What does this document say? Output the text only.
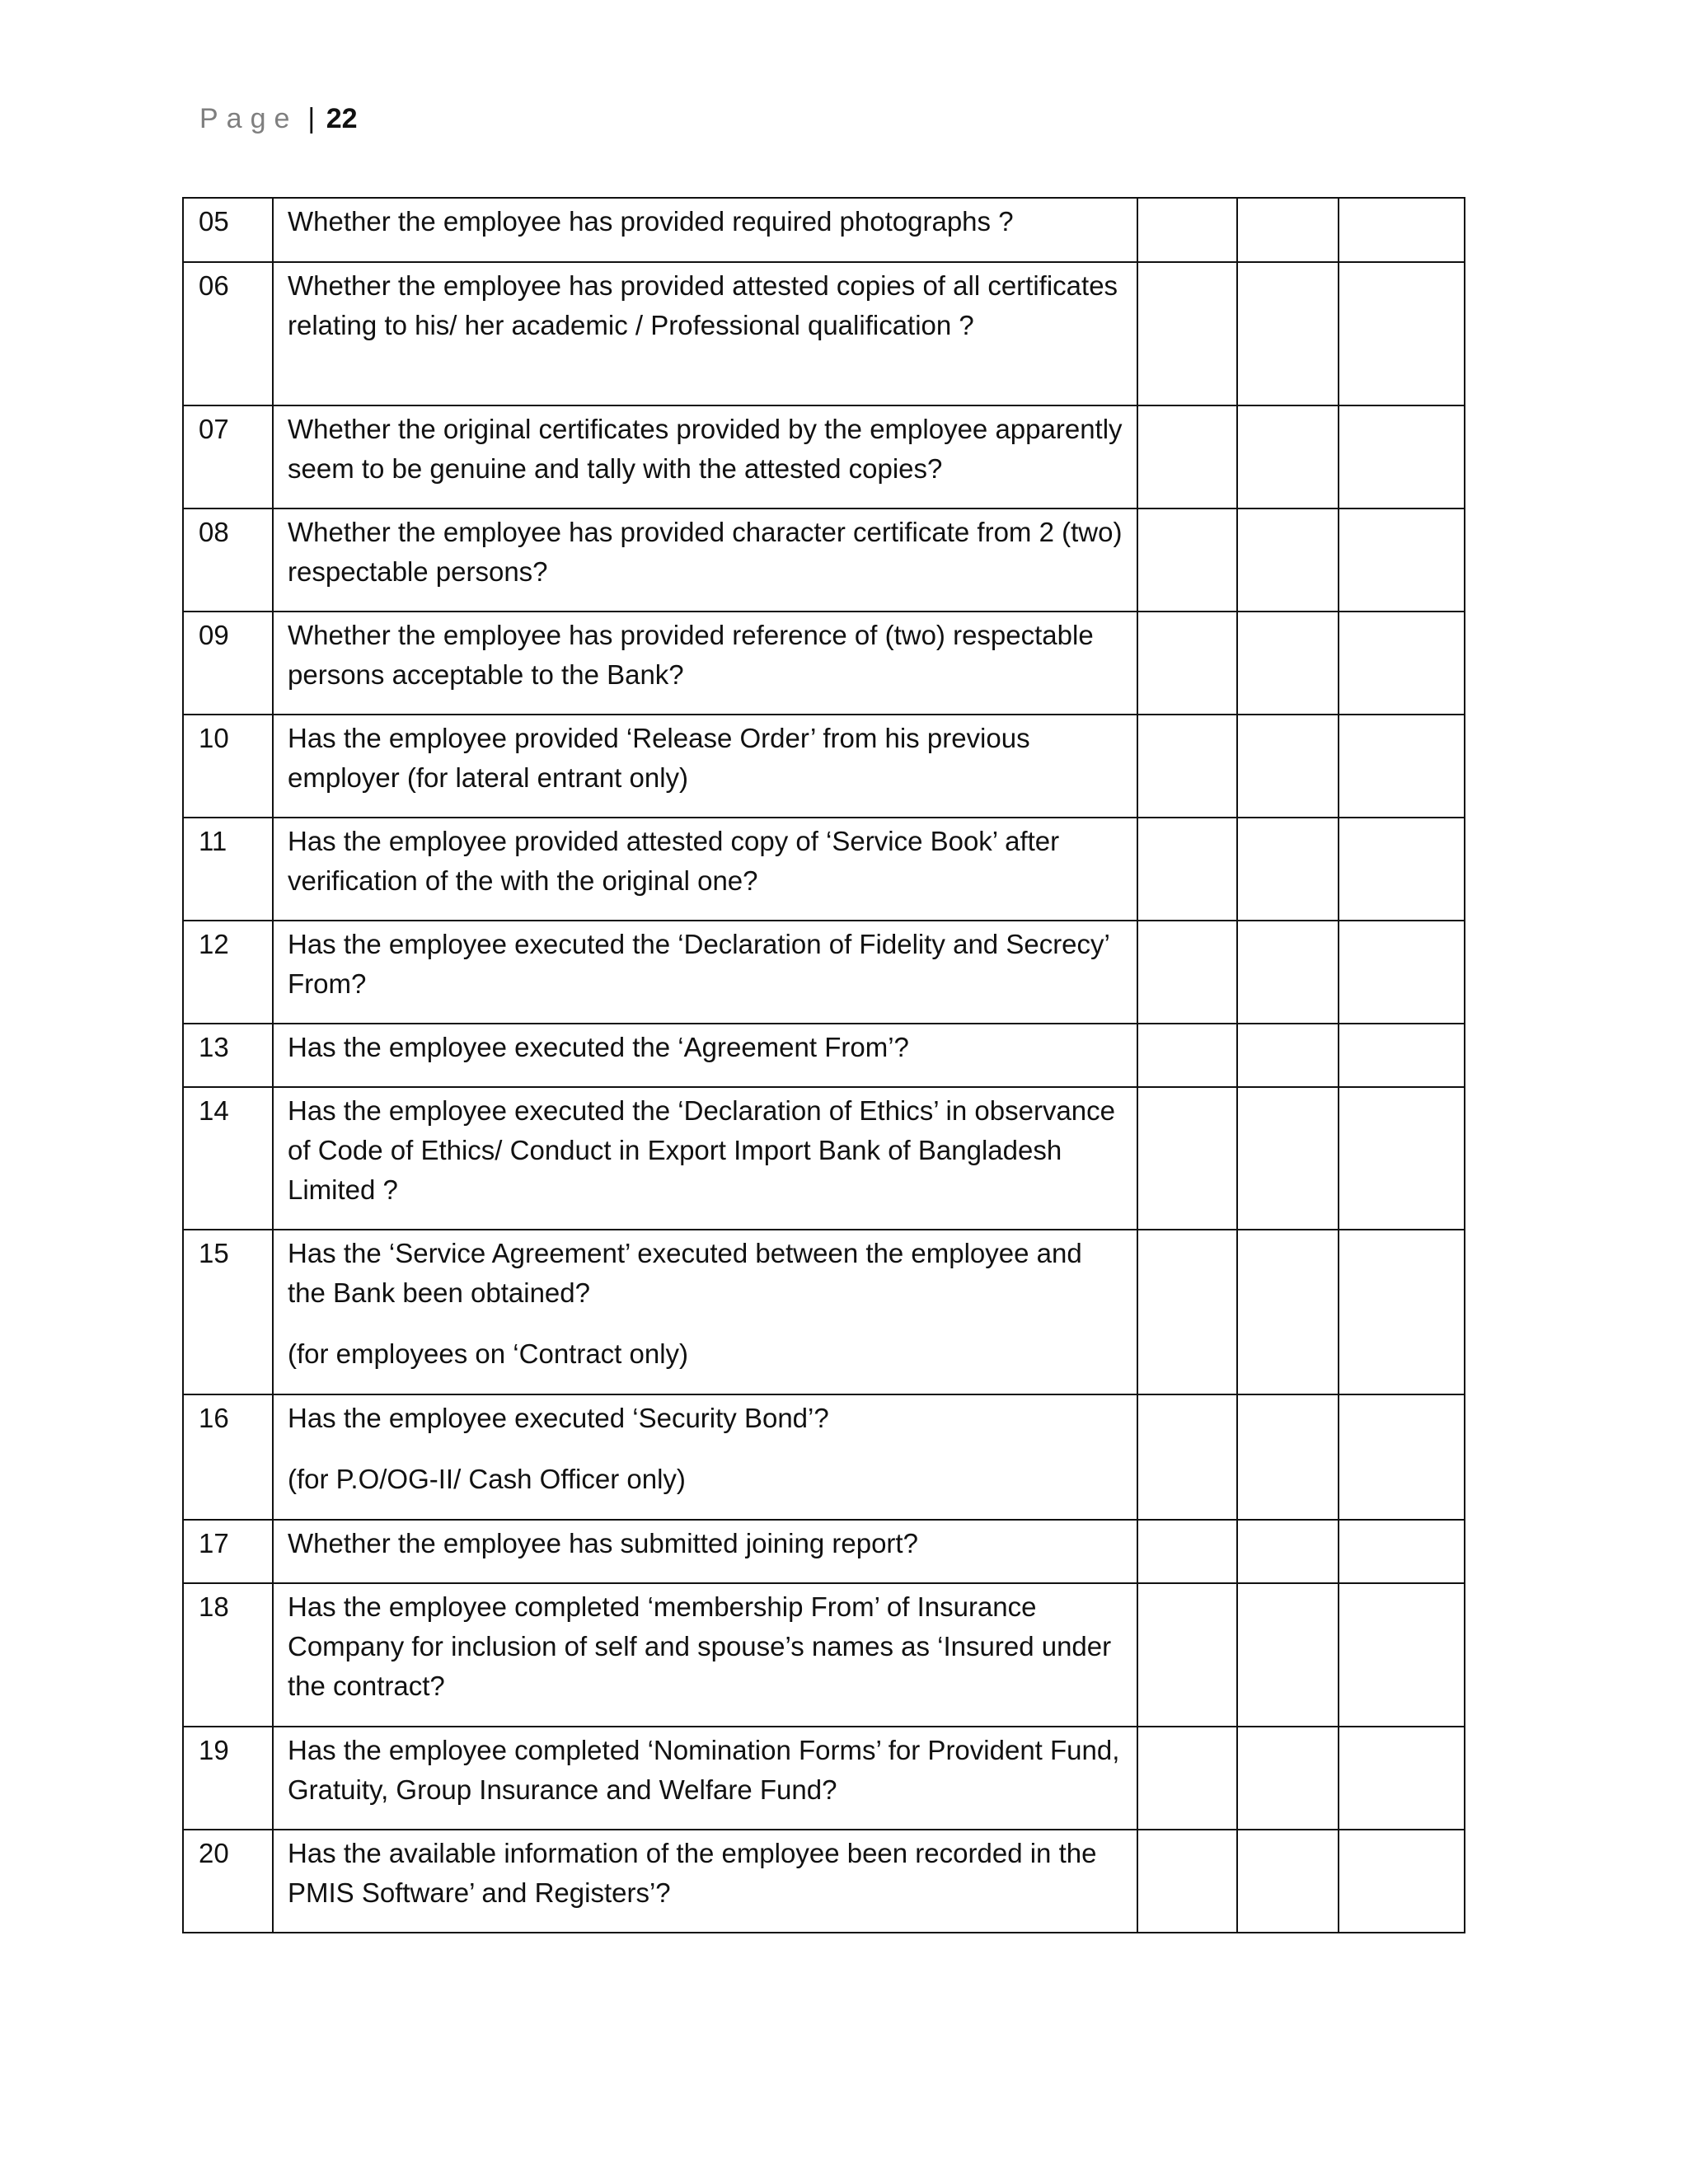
Page | 22
05	Whether the employee has provided required photographs ?			

06	Whether the employee has provided attested copies of all certificates relating to his/ her academic / Professional qualification ?			

07	Whether the original certificates provided by the employee apparently seem to be genuine and tally with the attested copies?			

08	Whether the employee has provided character certificate from 2 (two) respectable persons?			

09	Whether the employee has provided reference of (two) respectable persons acceptable to the Bank?			

10	Has the employee provided ‘Release Order’ from his previous employer (for lateral entrant only)			

11	Has the employee provided attested copy of ‘Service Book’ after verification of the with the original one?			

12	Has the employee executed the ‘Declaration of Fidelity and Secrecy’ From?			

13	Has the employee executed the ‘Agreement From’?			

14	Has the employee executed the ‘Declaration of Ethics’ in observance of Code of Ethics/ Conduct in Export Import Bank of Bangladesh Limited ?			

15	Has the ‘Service Agreement’ executed between the employee and the Bank been obtained?

(for employees on ‘Contract only)			

16	Has the employee executed ‘Security Bond’?

(for P.O/OG-II/ Cash Officer only)			

17	Whether the employee has submitted joining report?			

18	Has the employee completed ‘membership From’ of Insurance Company for inclusion of self and spouse’s names as ‘Insured under the contract?			

19	Has the employee completed ‘Nomination Forms’ for Provident Fund, Gratuity, Group Insurance and Welfare Fund?			

20	Has the available information of the employee been recorded in the PMIS Software’ and Registers’?			
